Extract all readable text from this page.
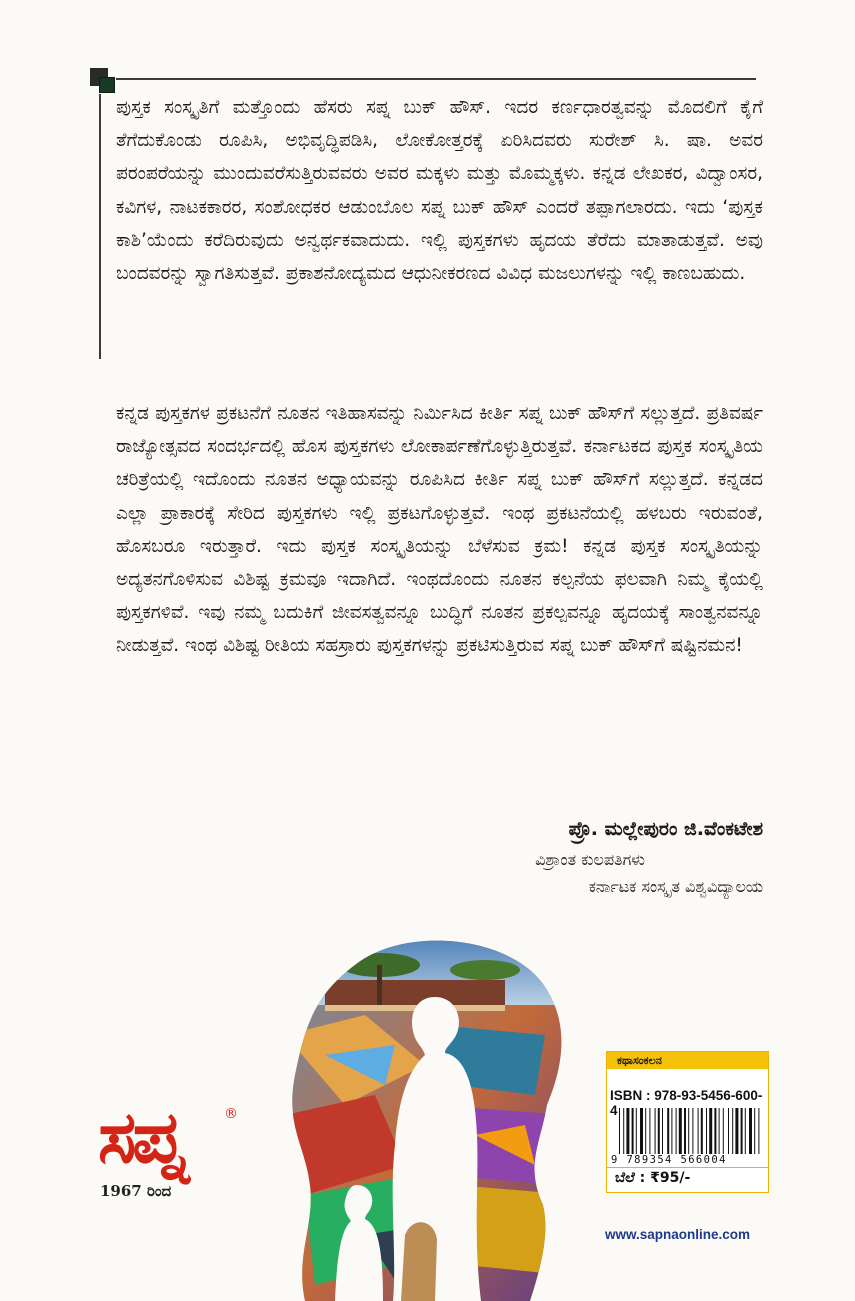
ಪುಸ್ತಕ ಸಂಸ್ಕೃತಿಗೆ ಮತ್ತೊಂದು ಹೆಸರು ಸಪ್ನ ಬುಕ್ ಹೌಸ್. ಇದರ ಕರ್ಣಧಾರತ್ವವನ್ನು ಮೊದಲಿಗೆ ಕೈಗೆ ತೆಗೆದುಕೊಂಡು ರೂಪಿಸಿ, ಅಭಿವೃದ್ಧಿಪಡಿಸಿ, ಲೋಕೋತ್ತರಕ್ಕೆ ಏರಿಸಿದವರು ಸುರೇಶ್ ಸಿ. ಷಾ. ಅವರ ಪರಂಪರೆಯನ್ನು ಮುಂದುವರೆಸುತ್ತಿರುವವರು ಅವರ ಮಕ್ಕಳು ಮತ್ತು ಮೊಮ್ಮಕ್ಕಳು. ಕನ್ನಡ ಲೇಖಕರ, ವಿದ್ವಾಂಸರ, ಕವಿಗಳ, ನಾಟಕಕಾರರ, ಸಂಶೋಧಕರ ಆಡುಂಬೊಲ ಸಪ್ನ ಬುಕ್ ಹೌಸ್ ಎಂದರೆ ತಪ್ಪಾಗಲಾರದು. ಇದು ‘ಪುಸ್ತಕ ಕಾಶಿ’ಯೆಂದು ಕರೆದಿರುವುದು ಅನ್ವರ್ಥಕವಾದುದು. ಇಲ್ಲಿ ಪುಸ್ತಕಗಳು ಹೃದಯ ತೆರೆದು ಮಾತಾಡುತ್ತವೆ. ಅವು ಬಂದವರನ್ನು ಸ್ವಾಗತಿಸುತ್ತವೆ. ಪ್ರಕಾಶನೋದ್ಯಮದ ಆಧುನೀಕರಣದ ವಿವಿಧ ಮಜಲುಗಳನ್ನು ಇಲ್ಲಿ ಕಾಣಬಹುದು.

ಕನ್ನಡ ಪುಸ್ತಕಗಳ ಪ್ರಕಟನೆಗೆ ನೂತನ ಇತಿಹಾಸವನ್ನು ನಿರ್ಮಿಸಿದ ಕೀರ್ತಿ ಸಪ್ನ ಬುಕ್ ಹೌಸ್‌ಗೆ ಸಲ್ಲುತ್ತದೆ. ಪ್ರತಿವರ್ಷ ರಾಜ್ಯೋತ್ಸವದ ಸಂದರ್ಭದಲ್ಲಿ ಹೊಸ ಪುಸ್ತಕಗಳು ಲೋಕಾರ್ಪಣೆಗೊಳ್ಳುತ್ತಿರುತ್ತವೆ. ಕರ್ನಾಟಕದ ಪುಸ್ತಕ ಸಂಸ್ಕೃತಿಯ ಚರಿತ್ರೆಯಲ್ಲಿ ಇದೊಂದು ನೂತನ ಅಧ್ಯಾಯವನ್ನು ರೂಪಿಸಿದ ಕೀರ್ತಿ ಸಪ್ನ ಬುಕ್ ಹೌಸ್‌ಗೆ ಸಲ್ಲುತ್ತದೆ. ಕನ್ನಡದ ಎಲ್ಲಾ ಪ್ರಾಕಾರಕ್ಕೆ ಸೇರಿದ ಪುಸ್ತಕಗಳು ಇಲ್ಲಿ ಪ್ರಕಟಗೊಳ್ಳುತ್ತವೆ. ಇಂಥ ಪ್ರಕಟನೆಯಲ್ಲಿ ಹಳಬರು ಇರುವಂತೆ, ಹೊಸಬರೂ ಇರುತ್ತಾರೆ. ಇದು ಪುಸ್ತಕ ಸಂಸ್ಕೃತಿಯನ್ನು ಬೆಳೆಸುವ ಕ್ರಮ! ಕನ್ನಡ ಪುಸ್ತಕ ಸಂಸ್ಕೃತಿಯನ್ನು ಅದ್ಯತನಗೊಳಿಸುವ ವಿಶಿಷ್ಟ ಕ್ರಮವೂ ಇದಾಗಿದೆ. ಇಂಥದೊಂದು ನೂತನ ಕಲ್ಪನೆಯ ಫಲವಾಗಿ ನಿಮ್ಮ ಕೈಯಲ್ಲಿ ಪುಸ್ತಕಗಳಿವೆ. ಇವು ನಮ್ಮ ಬದುಕಿಗೆ ಜೀವಸತ್ವವನ್ನೂ ಬುದ್ಧಿಗೆ ನೂತನ ಪ್ರಕಲ್ಪವನ್ನೂ ಹೃದಯಕ್ಕೆ ಸಾಂತ್ವನವನ್ನೂ ನೀಡುತ್ತವೆ. ಇಂಥ ವಿಶಿಷ್ಟ ರೀತಿಯ ಸಹಸ್ರಾರು ಪುಸ್ತಕಗಳನ್ನು ಪ್ರಕಟಿಸುತ್ತಿರುವ ಸಪ್ನ ಬುಕ್ ಹೌಸ್‌ಗೆ ಷಷ್ಟಿನಮನ!

ಪ್ರೊ. ಮಲ್ಲೇಪುರಂ ಜಿ.ವೆಂಕಟೇಶ
ವಿಶ್ರಾಂತ ಕುಲಪತಿಗಳು
ಕರ್ನಾಟಕ ಸಂಸ್ಕೃತ ವಿಶ್ವವಿದ್ಯಾಲಯ
ಸಪ್ನ	®
1967 ರಿಂದ
ಕಥಾಸಂಕಲನ
ISBN : 978-93-5456-600-4
9 789354 566004
ಬೆಲೆ : ₹95/-
www.sapnaonline.com
